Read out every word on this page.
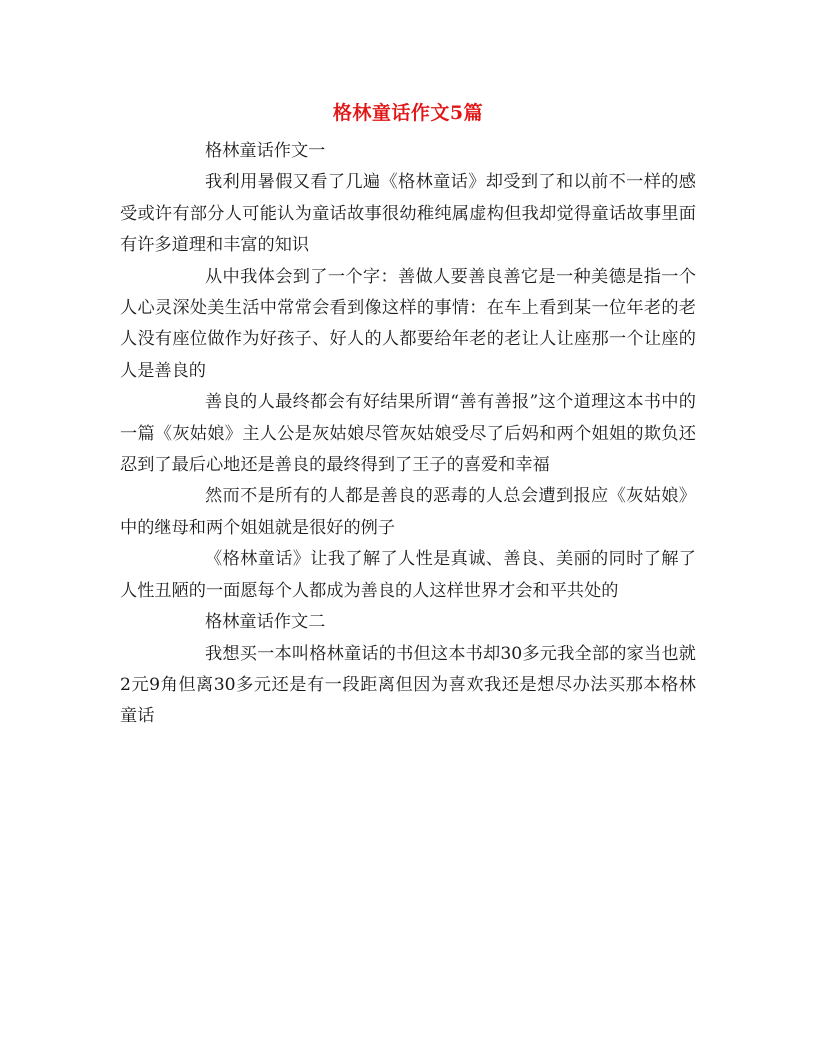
格林童话作文5篇

格林童话作文一

我利用暑假又看了几遍《格林童话》却受到了和以前不一样的感受或许有部分人可能认为童话故事很幼稚纯属虚构但我却觉得童话故事里面有许多道理和丰富的知识

从中我体会到了一个字：善做人要善良善它是一种美德是指一个人心灵深处美生活中常常会看到像这样的事情：在车上看到某一位年老的老人没有座位做作为好孩子、好人的人都要给年老的老让人让座那一个让座的人是善良的

善良的人最终都会有好结果所谓“善有善报”这个道理这本书中的一篇《灰姑娘》主人公是灰姑娘尽管灰姑娘受尽了后妈和两个姐姐的欺负还忍到了最后心地还是善良的最终得到了王子的喜爱和幸福

然而不是所有的人都是善良的恶毒的人总会遭到报应《灰姑娘》中的继母和两个姐姐就是很好的例子

《格林童话》让我了解了人性是真诚、善良、美丽的同时了解了人性丑陋的一面愿每个人都成为善良的人这样世界才会和平共处的

格林童话作文二

我想买一本叫格林童话的书但这本书却30多元我全部的家当也就2元9角但离30多元还是有一段距离但因为喜欢我还是想尽办法买那本格林童话
